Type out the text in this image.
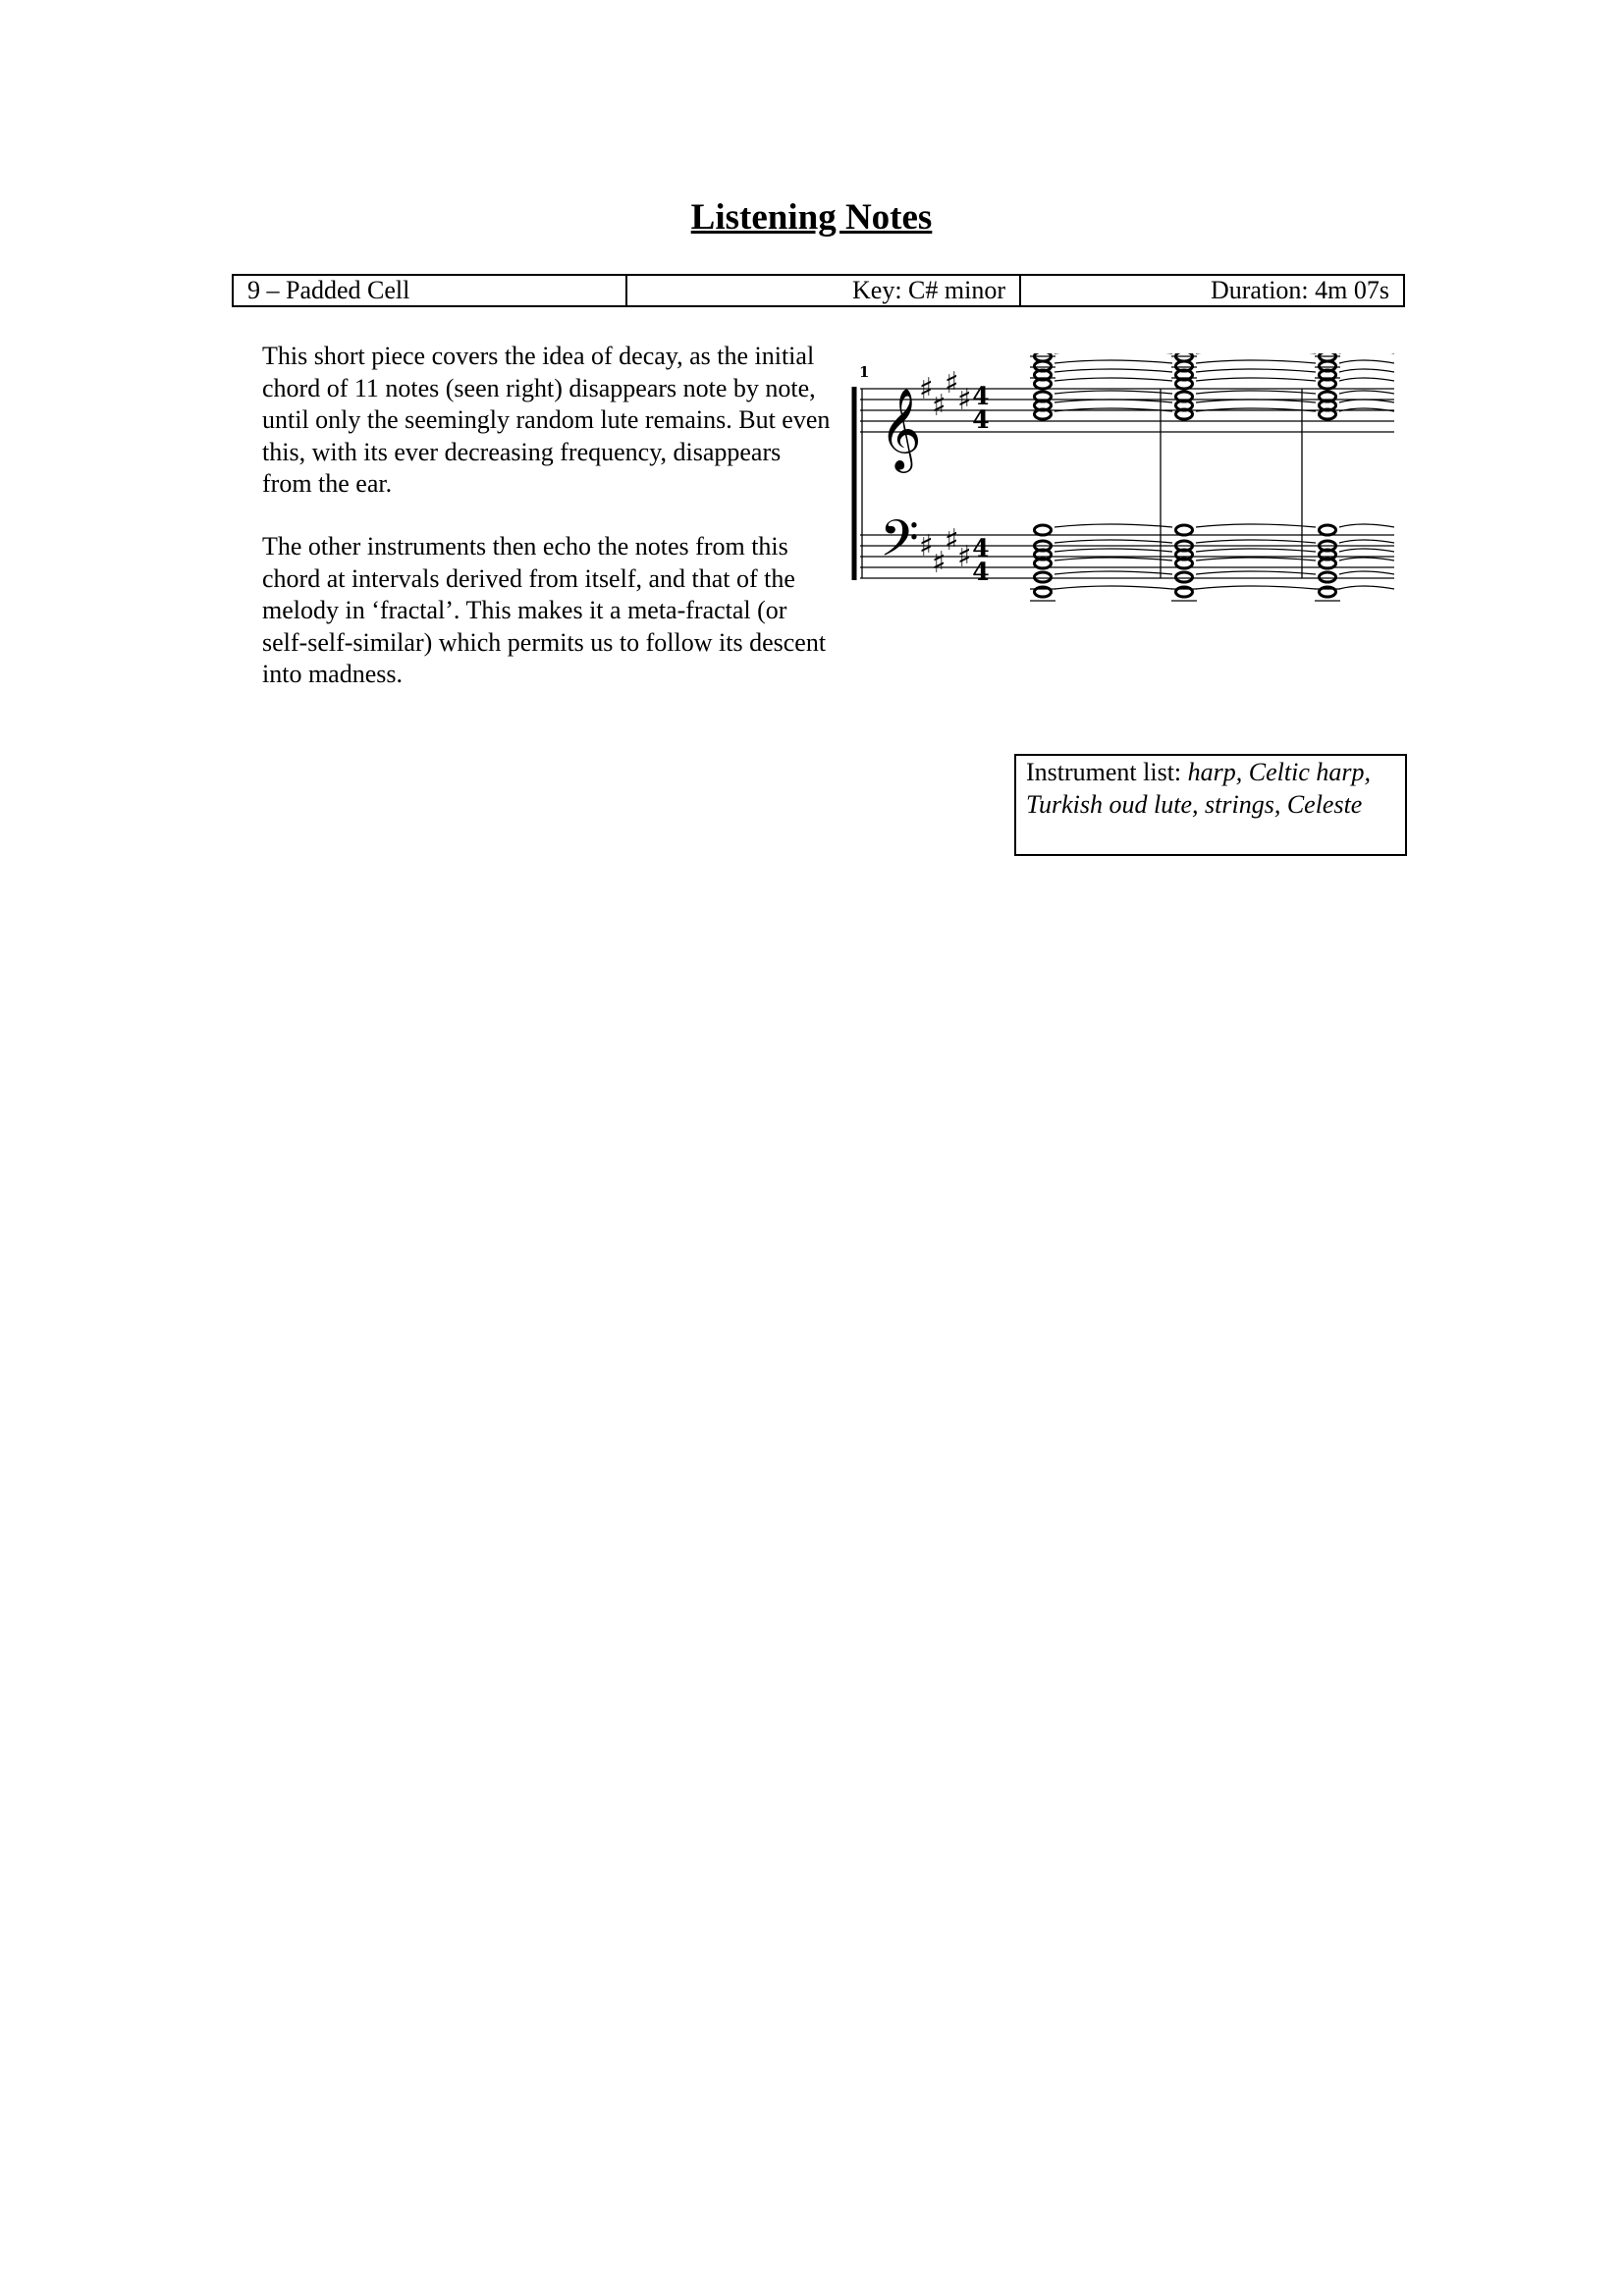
Listening Notes
9 – Padded Cell	Key: C# minor	Duration: 4m 07s

This short piece covers the idea of decay, as the initial chord of 11 notes (seen right) disappears note by note, until only the seemingly random lute remains. But even this, with its ever decreasing frequency, disappears from the ear.

The other instruments then echo the notes from this chord at intervals derived from itself, and that of the melody in ‘fractal’. This makes it a meta-fractal (or self-self-similar) which permits us to follow its descent into madness.

1
𝄞
𝄢
♯
♯
♯
♯
♯
♯
♯
♯
4
4
4
4
Instrument list: harp, Celtic harp, Turkish oud lute, strings, Celeste
